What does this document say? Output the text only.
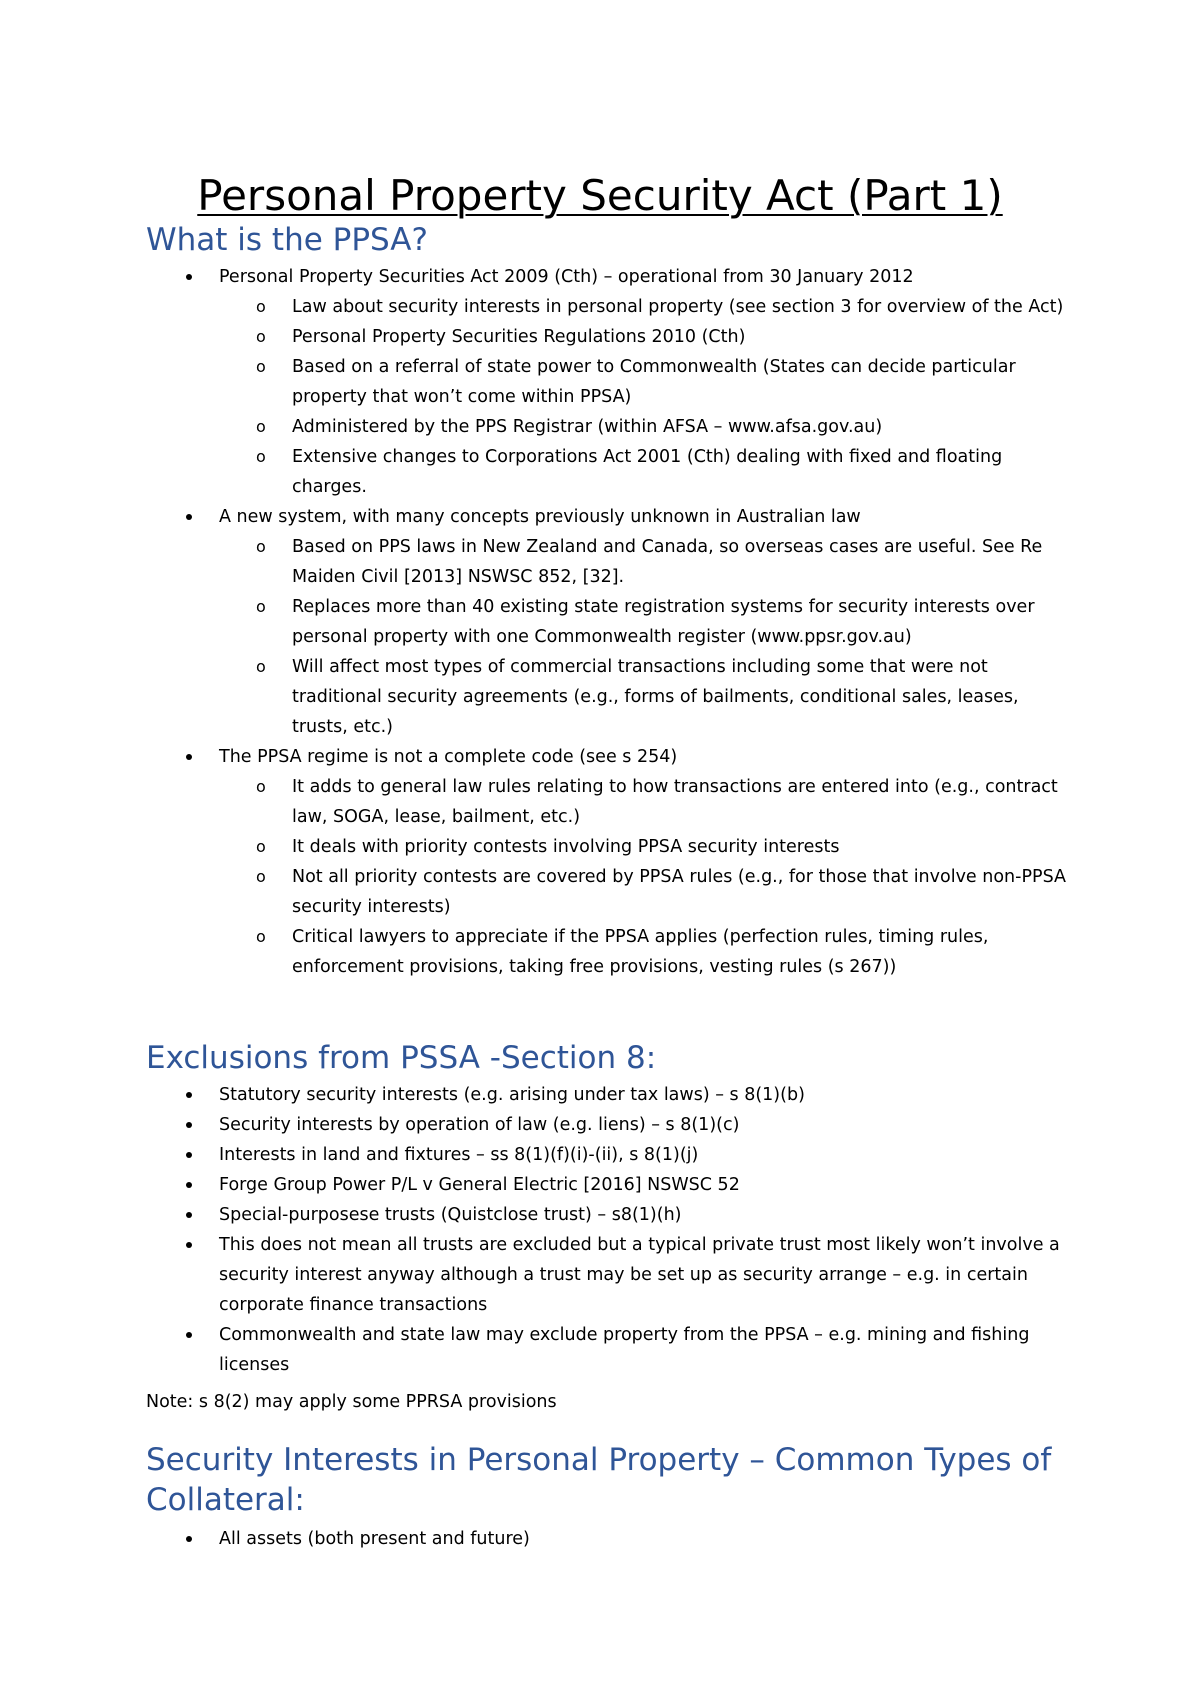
Personal Property Security Act (Part 1)
What is the PPSA?
Personal Property Securities Act 2009 (Cth) – operational from 30 January 2012
o Law about security interests in personal property (see section 3 for overview of the Act)
o Personal Property Securities Regulations 2010 (Cth)
o Based on a referral of state power to Commonwealth (States can decide particular property that won’t come within PPSA)
o Administered by the PPS Registrar (within AFSA – www.afsa.gov.au)
o Extensive changes to Corporations Act 2001 (Cth) dealing with fixed and floating charges.
A new system, with many concepts previously unknown in Australian law
o Based on PPS laws in New Zealand and Canada, so overseas cases are useful. See Re Maiden Civil [2013] NSWSC 852, [32].
o Replaces more than 40 existing state registration systems for security interests over personal property with one Commonwealth register (www.ppsr.gov.au)
o Will affect most types of commercial transactions including some that were not traditional security agreements (e.g., forms of bailments, conditional sales, leases, trusts, etc.)
The PPSA regime is not a complete code (see s 254)
o It adds to general law rules relating to how transactions are entered into (e.g., contract law, SOGA, lease, bailment, etc.)
o It deals with priority contests involving PPSA security interests
o Not all priority contests are covered by PPSA rules (e.g., for those that involve non-PPSA security interests)
o Critical lawyers to appreciate if the PPSA applies (perfection rules, timing rules, enforcement provisions, taking free provisions, vesting rules (s 267))
Exclusions from PSSA -Section 8:
Statutory security interests (e.g. arising under tax laws) – s 8(1)(b)
Security interests by operation of law (e.g. liens) – s 8(1)(c)
Interests in land and fixtures – ss 8(1)(f)(i)-(ii), s 8(1)(j)
Forge Group Power P/L v General Electric [2016] NSWSC 52
Special-purposese trusts (Quistclose trust) – s8(1)(h)
This does not mean all trusts are excluded but a typical private trust most likely won’t involve a security interest anyway although a trust may be set up as security arrange – e.g. in certain corporate finance transactions
Commonwealth and state law may exclude property from the PPSA – e.g. mining and fishing licenses
Note: s 8(2) may apply some PPRSA provisions
Security Interests in Personal Property – Common Types of Collateral:
All assets (both present and future)
